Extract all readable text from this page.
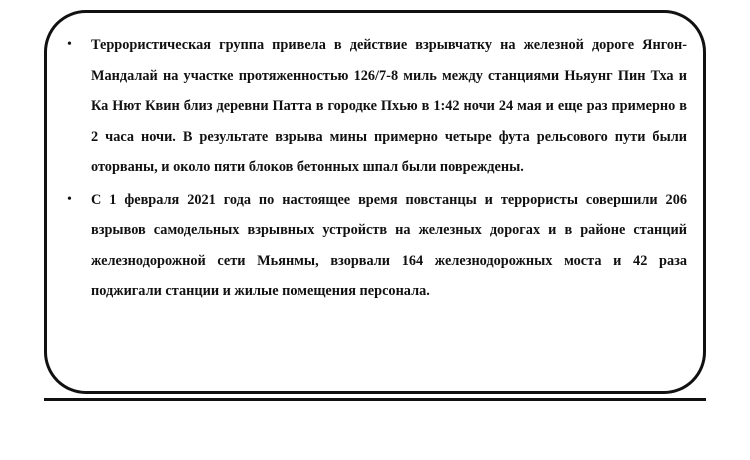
• Террористическая группа привела в действие взрывчатку на железной дороге Янгон-Мандалай на участке протяженностью 126/7-8 миль между станциями Ньяунг Пин Тха и Ка Нют Квин близ деревни Патта в городке Пхью в 1:42 ночи 24 мая и еще раз примерно в 2 часа ночи. В результате взрыва мины примерно четыре фута рельсового пути были оторваны, и около пяти блоков бетонных шпал были повреждены.
• С 1 февраля 2021 года по настоящее время повстанцы и террористы совершили 206 взрывов самодельных взрывных устройств на железных дорогах и в районе станций железнодорожной сети Мьянмы, взорвали 164 железнодорожных моста и 42 раза поджигали станции и жилые помещения персонала.
